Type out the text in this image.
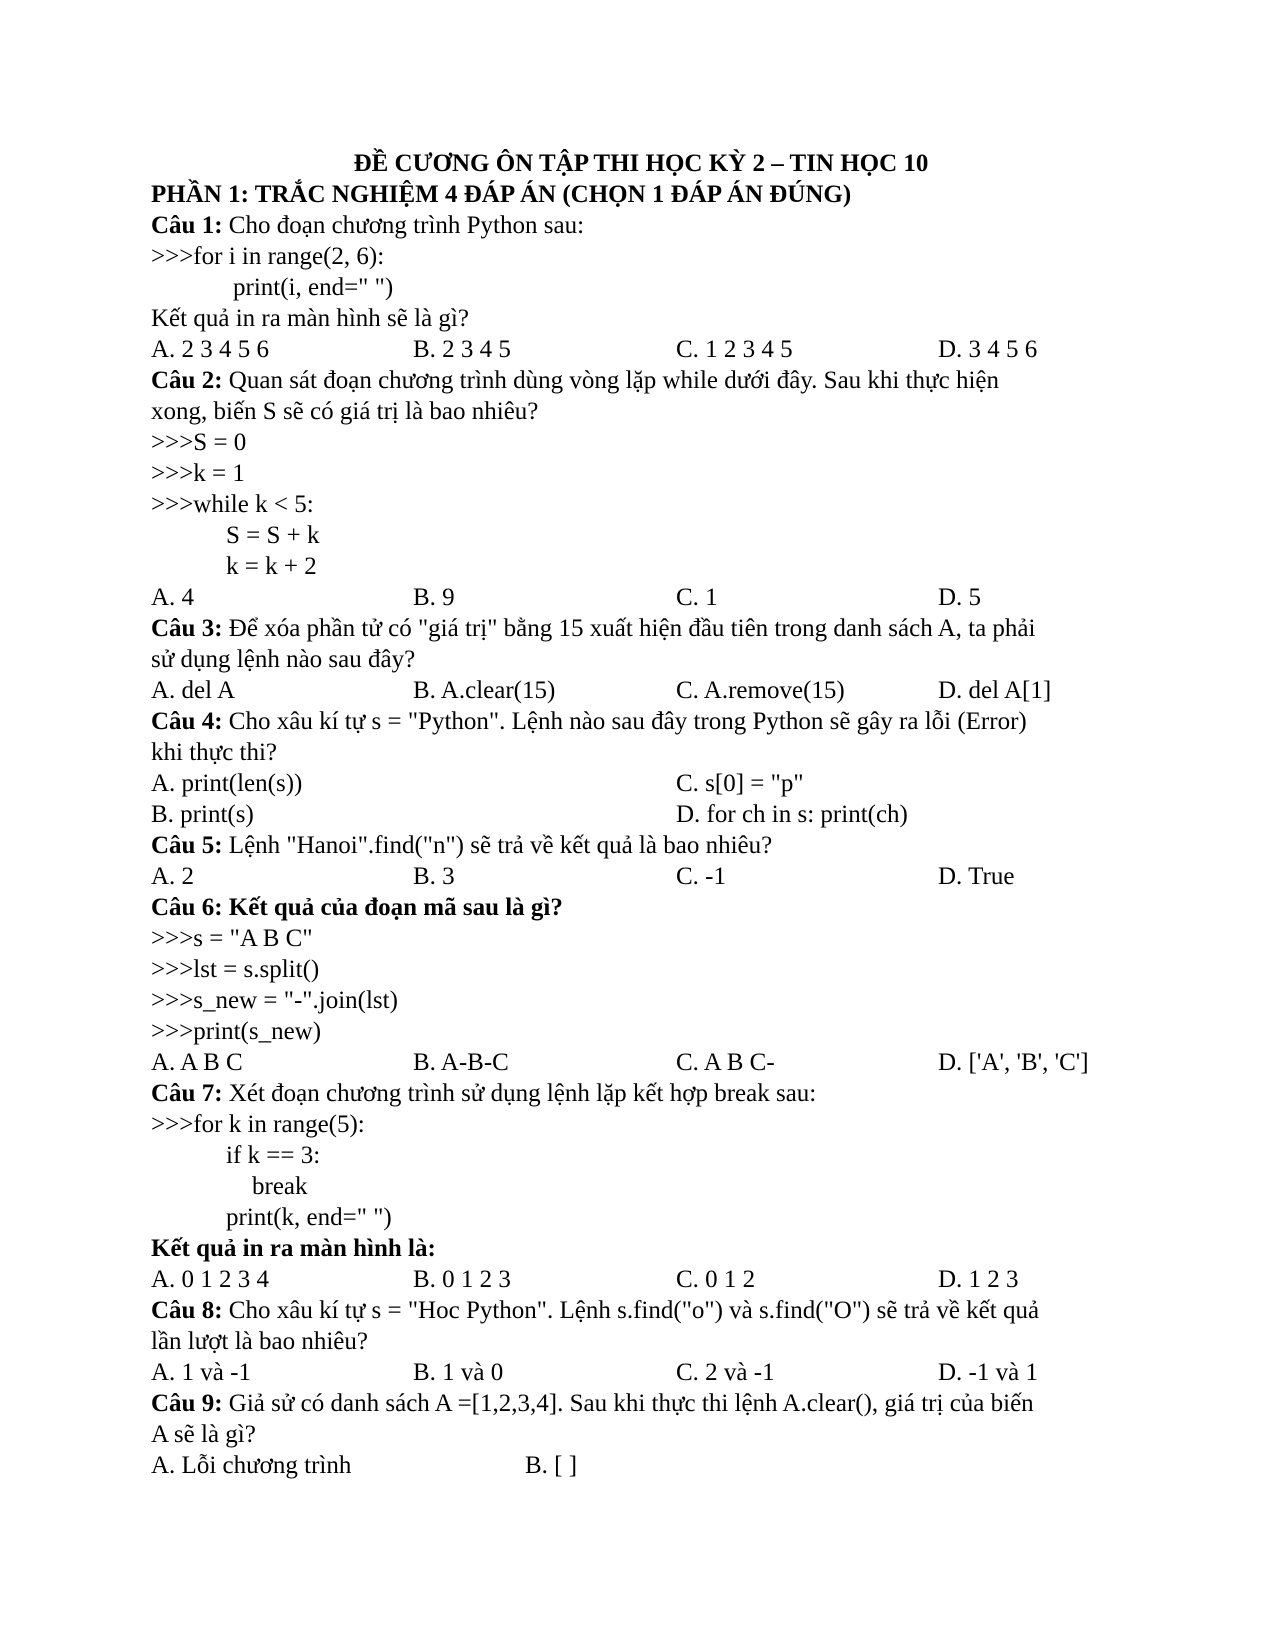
ĐỀ CƯƠNG ÔN TẬP THI HỌC KỲ 2 – TIN HỌC 10
PHẦN 1: TRẮC NGHIỆM 4 ĐÁP ÁN (CHỌN 1 ĐÁP ÁN ĐÚNG)
Câu 1: Cho đoạn chương trình Python sau:
>>>for i in range(2, 6):
print(i, end=" ")
Kết quả in ra màn hình sẽ là gì?
A. 2 3 4 5 6	B. 2 3 4 5	C. 1 2 3 4 5	D. 3 4 5 6
Câu 2: Quan sát đoạn chương trình dùng vòng lặp while dưới đây. Sau khi thực hiện
xong, biến S sẽ có giá trị là bao nhiêu?
>>>S = 0
>>>k = 1
>>>while k < 5:
S = S + k
k = k + 2
A. 4	B. 9	C. 1	D. 5
Câu 3: Để xóa phần tử có "giá trị" bằng 15 xuất hiện đầu tiên trong danh sách A, ta phải
sử dụng lệnh nào sau đây?
A. del A	B. A.clear(15)	C. A.remove(15)	D. del A[1]
Câu 4: Cho xâu kí tự s = "Python". Lệnh nào sau đây trong Python sẽ gây ra lỗi (Error)
khi thực thi?
A. print(len(s))	C. s[0] = "p"
B. print(s)	D. for ch in s: print(ch)
Câu 5: Lệnh "Hanoi".find("n") sẽ trả về kết quả là bao nhiêu?
A. 2	B. 3	C. -1	D. True
Câu 6: Kết quả của đoạn mã sau là gì?
>>>s = "A B C"
>>>lst = s.split()
>>>s_new = "-".join(lst)
>>>print(s_new)
A. A B C	B. A-B-C	C. A B C-	D. ['A', 'B', 'C']
Câu 7: Xét đoạn chương trình sử dụng lệnh lặp kết hợp break sau:
>>>for k in range(5):
if k == 3:
break
print(k, end=" ")
Kết quả in ra màn hình là:
A. 0 1 2 3 4	B. 0 1 2 3	C. 0 1 2	D. 1 2 3
Câu 8: Cho xâu kí tự s = "Hoc Python". Lệnh s.find("o") và s.find("O") sẽ trả về kết quả
lần lượt là bao nhiêu?
A. 1 và -1	B. 1 và 0	C. 2 và -1	D. -1 và 1
Câu 9: Giả sử có danh sách A =[1,2,3,4]. Sau khi thực thi lệnh A.clear(), giá trị của biến
A sẽ là gì?
A. Lỗi chương trình	B. [ ]
